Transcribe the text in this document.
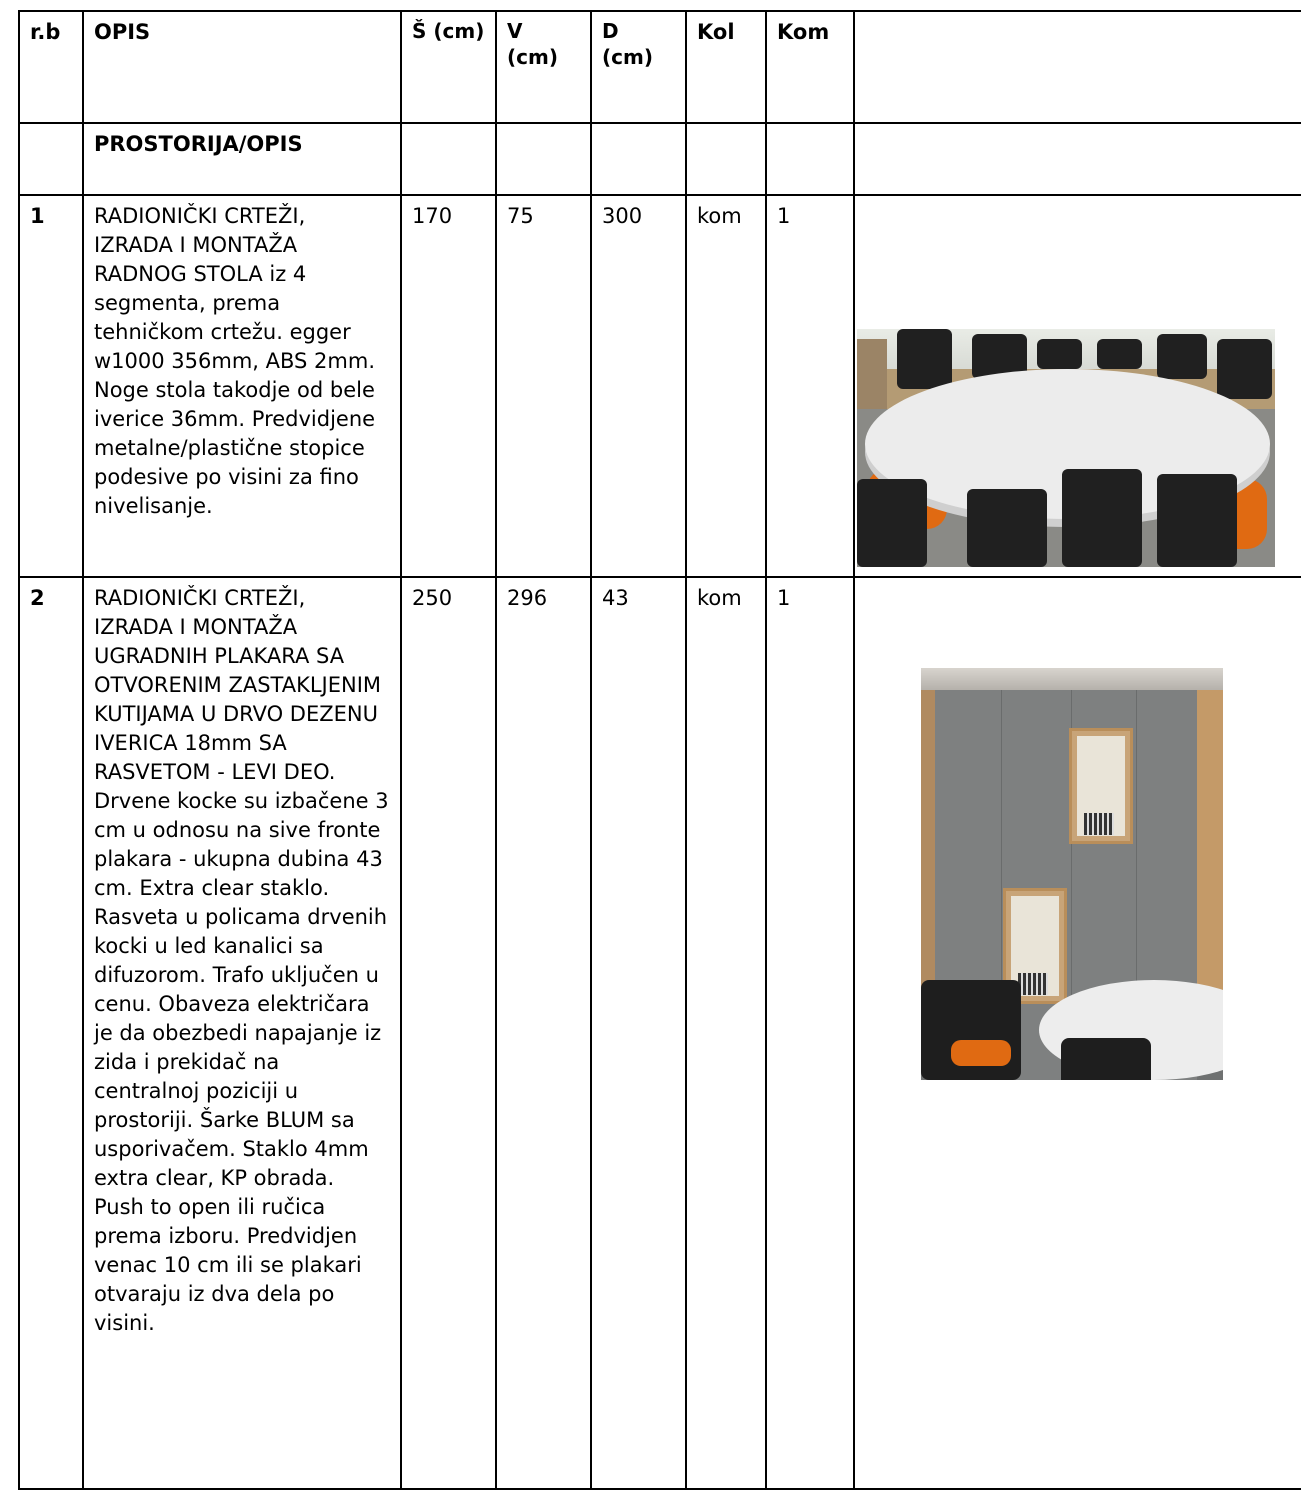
r.b	OPIS	Š (cm)	V (cm)	D (cm)	Kol	Kom	
	PROSTORIJA/OPIS						
1	RADIONIČKI CRTEŽI, IZRADA I MONTAŽA RADNOG STOLA iz 4 segmenta, prema tehničkom crtežu. egger w1000 356mm, ABS 2mm. Noge stola takodje od bele iverice 36mm. Predvidjene metalne/plastične stopice podesive po visini za fino nivelisanje.	170	75	300	kom	1	

2	RADIONIČKI CRTEŽI, IZRADA I MONTAŽA UGRADNIH PLAKARA SA OTVORENIM ZASTAKLJENIM KUTIJAMA U DRVO DEZENU IVERICA 18mm SA RASVETOM - LEVI DEO. Drvene kocke su izbačene 3 cm u odnosu na sive fronte plakara - ukupna dubina 43 cm. Extra clear staklo. Rasveta u policama drvenih kocki u led kanalici sa difuzorom. Trafo uključen u cenu. Obaveza električara je da obezbedi napajanje iz zida i prekidač na centralnoj poziciji u prostoriji. Šarke BLUM sa usporivačem. Staklo 4mm extra clear, KP obrada. Push to open ili ručica prema izboru. Predvidjen venac 10 cm ili se plakari otvaraju iz dva dela po visini.	250	296	43	kom	1	
